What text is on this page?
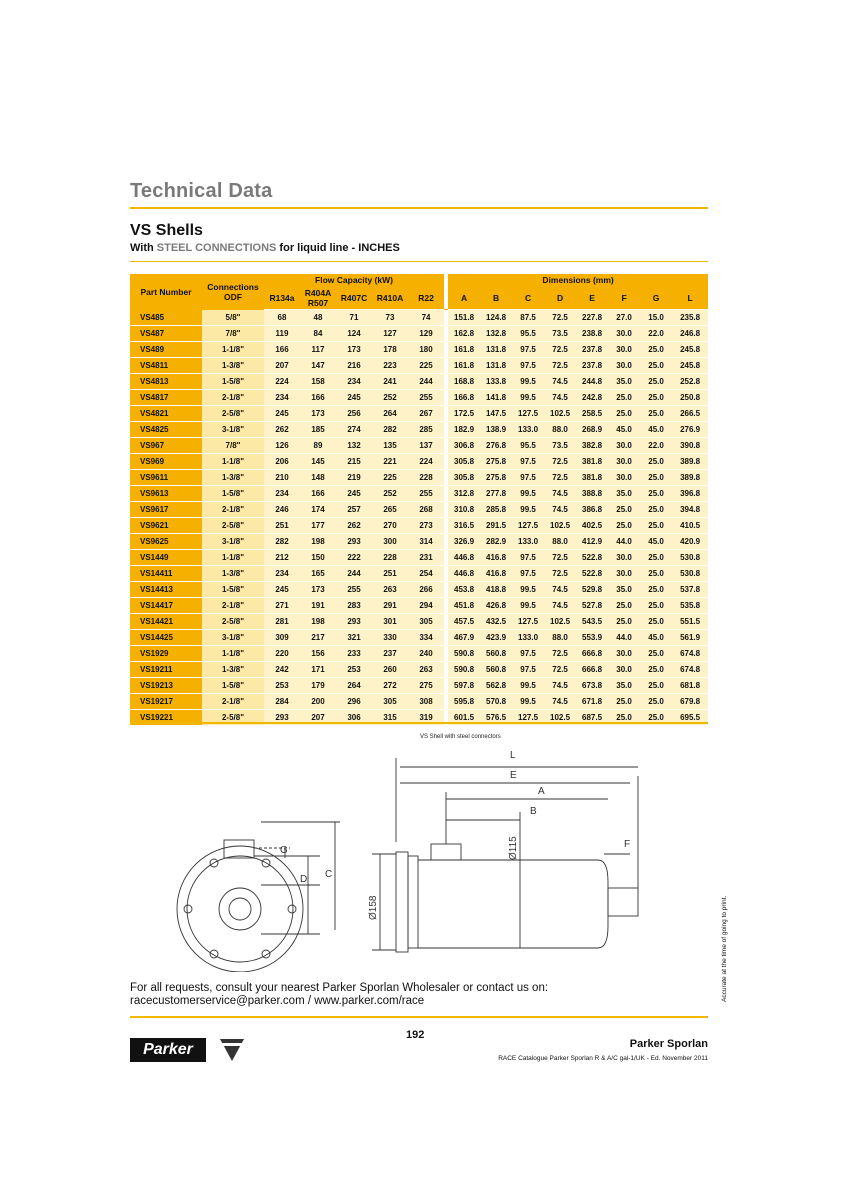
Technical Data
VS Shells
With STEEL CONNECTIONS for liquid line - INCHES
Part Number	Connections ODF	Flow Capacity (kW)						Dimensions (mm)							
		R134a	R404A R507	R407C	R410A	R22		A	B	C	D	E	F	G	L
VS485	5/8"	68	48	71	73	74		151.8	124.8	87.5	72.5	227.8	27.0	15.0	235.8
VS487	7/8"	119	84	124	127	129		162.8	132.8	95.5	73.5	238.8	30.0	22.0	246.8
VS489	1-1/8"	166	117	173	178	180		161.8	131.8	97.5	72.5	237.8	30.0	25.0	245.8
VS4811	1-3/8"	207	147	216	223	225		161.8	131.8	97.5	72.5	237.8	30.0	25.0	245.8
VS4813	1-5/8"	224	158	234	241	244		168.8	133.8	99.5	74.5	244.8	35.0	25.0	252.8
VS4817	2-1/8"	234	166	245	252	255		166.8	141.8	99.5	74.5	242.8	25.0	25.0	250.8
VS4821	2-5/8"	245	173	256	264	267		172.5	147.5	127.5	102.5	258.5	25.0	25.0	266.5
VS4825	3-1/8"	262	185	274	282	285		182.9	138.9	133.0	88.0	268.9	45.0	45.0	276.9
VS967	7/8"	126	89	132	135	137		306.8	276.8	95.5	73.5	382.8	30.0	22.0	390.8
VS969	1-1/8"	206	145	215	221	224		305.8	275.8	97.5	72.5	381.8	30.0	25.0	389.8
VS9611	1-3/8"	210	148	219	225	228		305.8	275.8	97.5	72.5	381.8	30.0	25.0	389.8
VS9613	1-5/8"	234	166	245	252	255		312.8	277.8	99.5	74.5	388.8	35.0	25.0	396.8
VS9617	2-1/8"	246	174	257	265	268		310.8	285.8	99.5	74.5	386.8	25.0	25.0	394.8
VS9621	2-5/8"	251	177	262	270	273		316.5	291.5	127.5	102.5	402.5	25.0	25.0	410.5
VS9625	3-1/8"	282	198	293	300	314		326.9	282.9	133.0	88.0	412.9	44.0	45.0	420.9
VS1449	1-1/8"	212	150	222	228	231		446.8	416.8	97.5	72.5	522.8	30.0	25.0	530.8
VS14411	1-3/8"	234	165	244	251	254		446.8	416.8	97.5	72.5	522.8	30.0	25.0	530.8
VS14413	1-5/8"	245	173	255	263	266		453.8	418.8	99.5	74.5	529.8	35.0	25.0	537.8
VS14417	2-1/8"	271	191	283	291	294		451.8	426.8	99.5	74.5	527.8	25.0	25.0	535.8
VS14421	2-5/8"	281	198	293	301	305		457.5	432.5	127.5	102.5	543.5	25.0	25.0	551.5
VS14425	3-1/8"	309	217	321	330	334		467.9	423.9	133.0	88.0	553.9	44.0	45.0	561.9
VS1929	1-1/8"	220	156	233	237	240		590.8	560.8	97.5	72.5	666.8	30.0	25.0	674.8
VS19211	1-3/8"	242	171	253	260	263		590.8	560.8	97.5	72.5	666.8	30.0	25.0	674.8
VS19213	1-5/8"	253	179	264	272	275		597.8	562.8	99.5	74.5	673.8	35.0	25.0	681.8
VS19217	2-1/8"	284	200	296	305	308		595.8	570.8	99.5	74.5	671.8	25.0	25.0	679.8
VS19221	2-5/8"	293	207	306	315	319		601.5	576.5	127.5	102.5	687.5	25.0	25.0	695.5
VS Shell with steel connectors
L
E
A
B
F
G
D C
Ø115
Ø158
For all requests, consult your nearest Parker Sporlan Wholesaler or contact us on:
racecustomerservice@parker.com / www.parker.com/race
Parker
192
Parker Sporlan
RACE Catalogue Parker Sporlan R & A/C gal-1/UK - Ed. November 2011
Accurate at the time of going to print.
